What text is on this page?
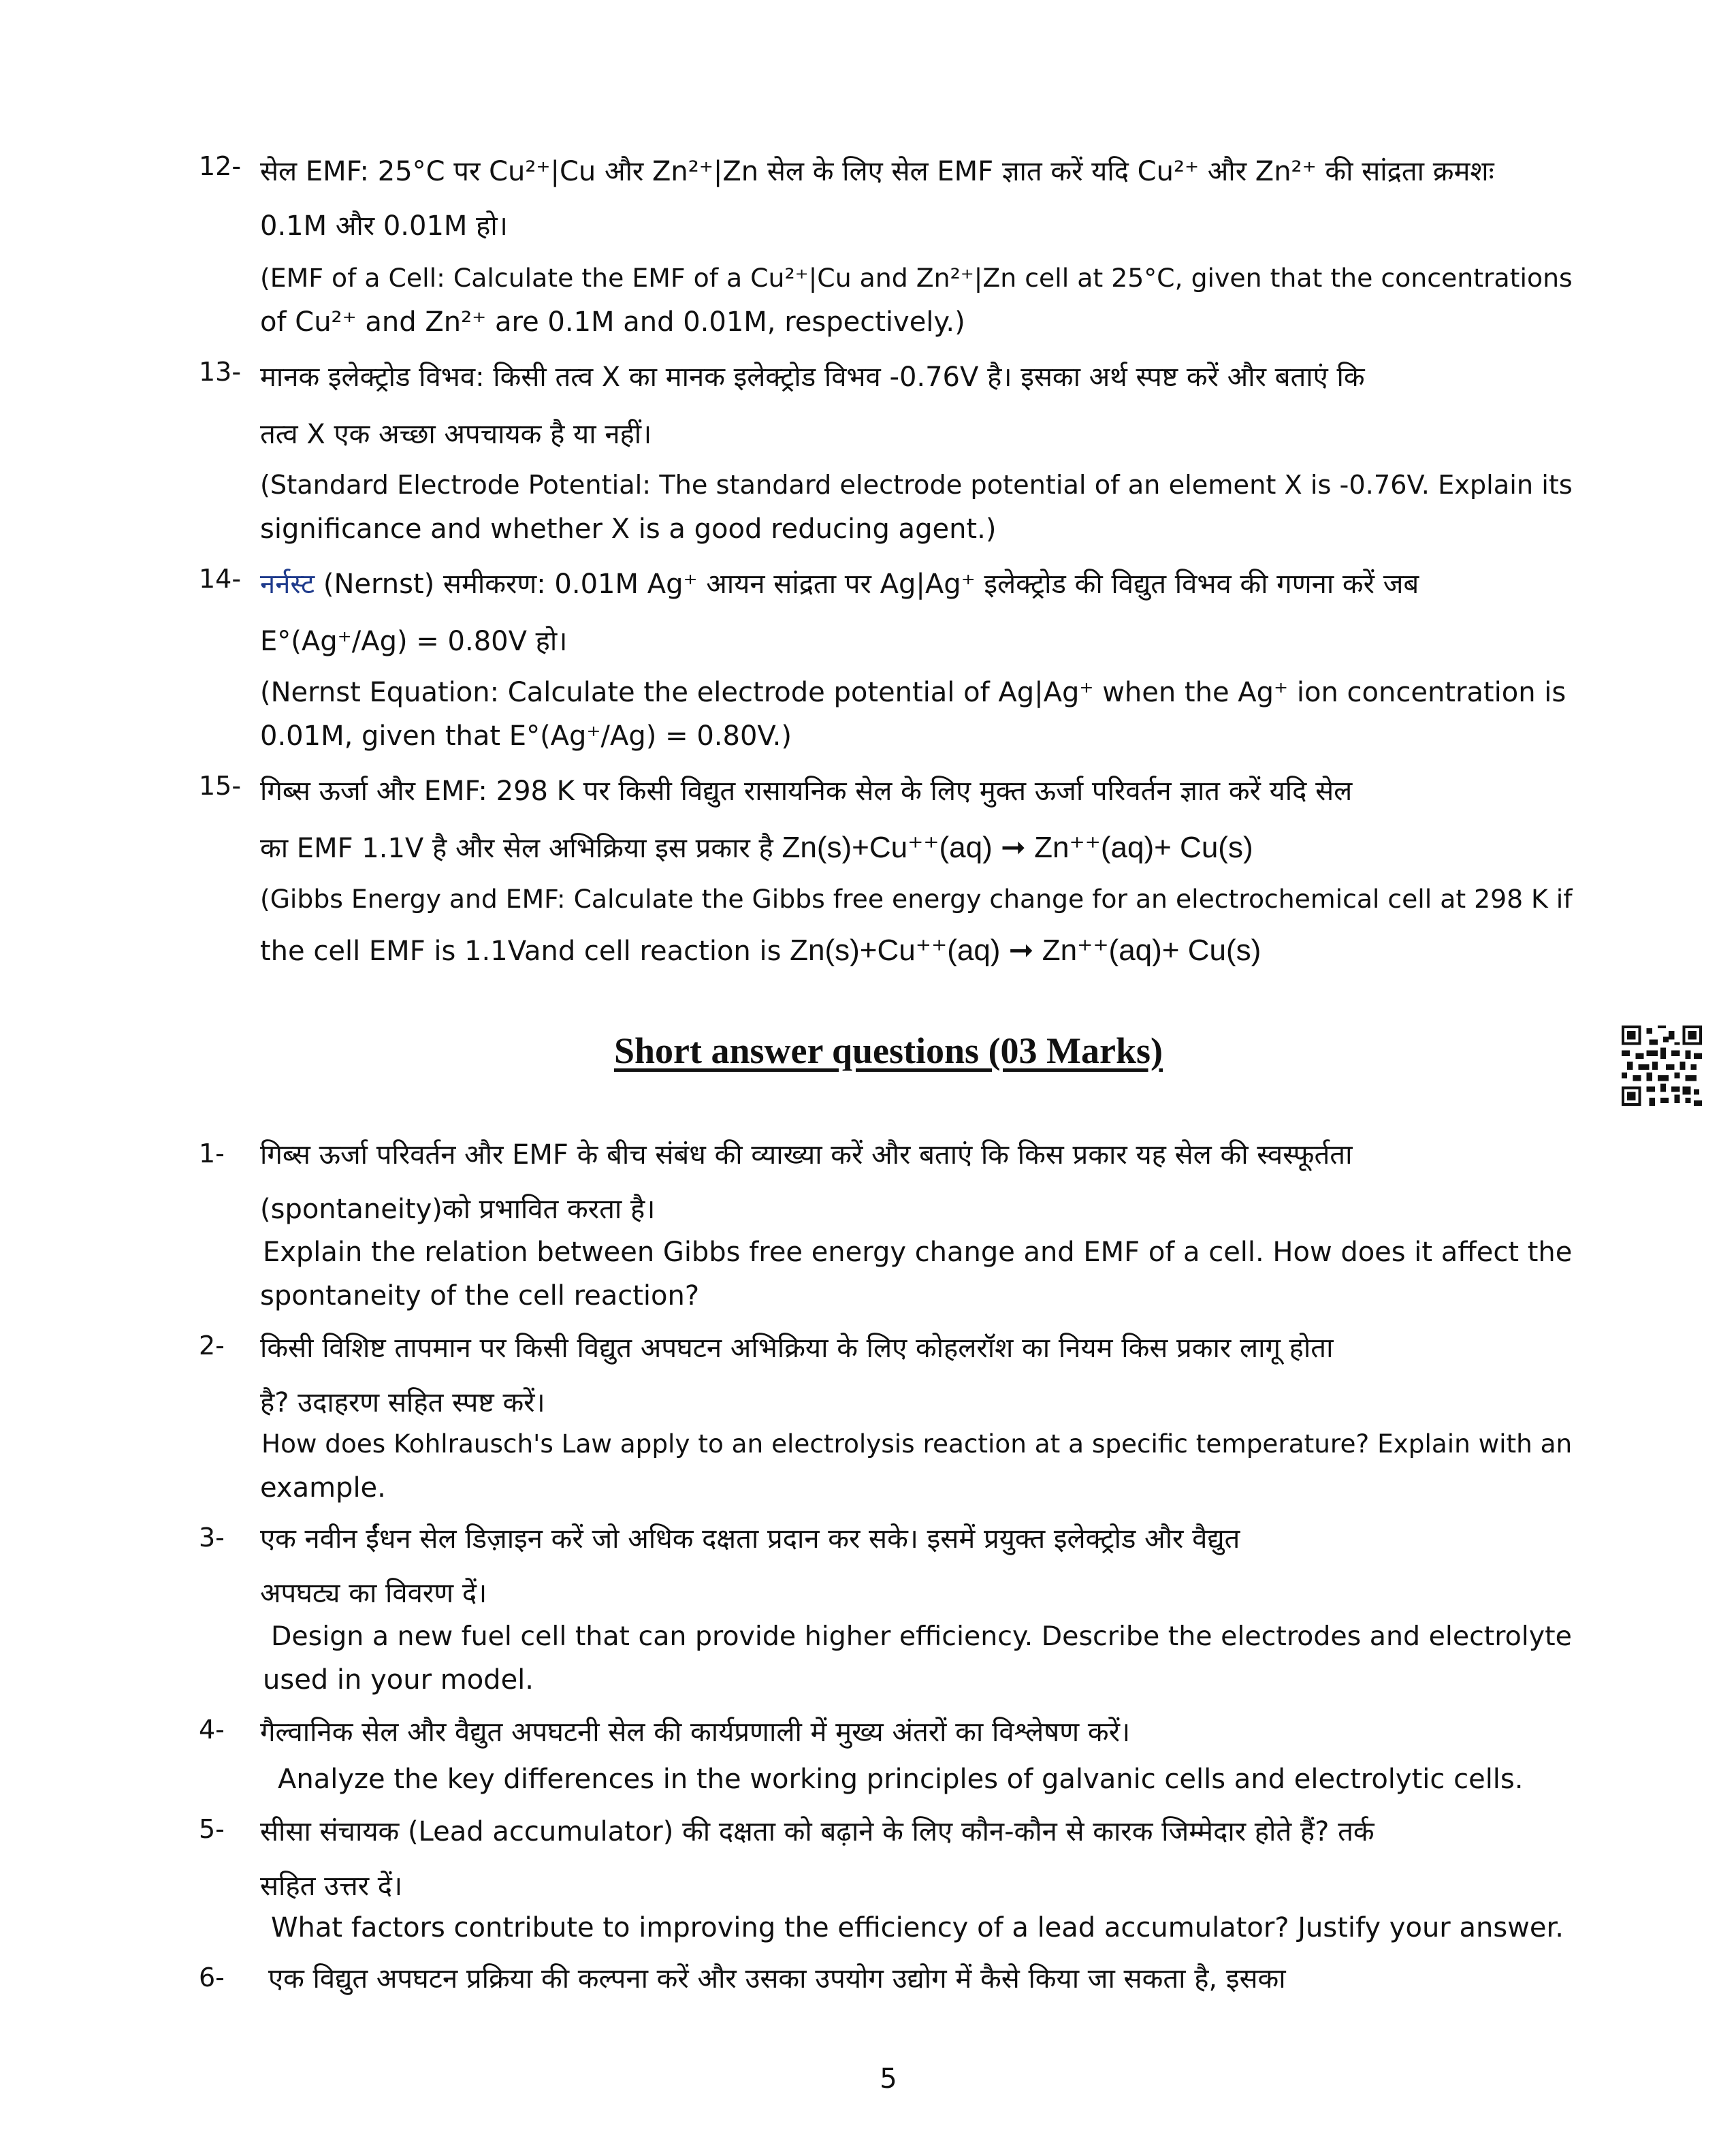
12- सेल EMF: 25°C पर Cu²⁺|Cu और Zn²⁺|Zn सेल के लिए सेल EMF ज्ञात करें यदि Cu²⁺ और Zn²⁺ की सांद्रता क्रमशः
0.1M और 0.01M हो।
(EMF of a Cell: Calculate the EMF of a Cu²⁺|Cu and Zn²⁺|Zn cell at 25°C, given that the concentrations
of Cu²⁺ and Zn²⁺ are 0.1M and 0.01M, respectively.)
13- मानक इलेक्ट्रोड विभव: किसी तत्व X का मानक इलेक्ट्रोड विभव -0.76V है। इसका अर्थ स्पष्ट करें और बताएं कि
तत्व X एक अच्छा अपचायक है या नहीं।
(Standard Electrode Potential: The standard electrode potential of an element X is -0.76V. Explain its
significance and whether X is a good reducing agent.)
14- नर्नस्ट (Nernst) समीकरण: 0.01M Ag⁺ आयन सांद्रता पर Ag|Ag⁺ इलेक्ट्रोड की विद्युत विभव की गणना करें जब
E°(Ag⁺/Ag) = 0.80V हो।
(Nernst Equation: Calculate the electrode potential of Ag|Ag⁺ when the Ag⁺ ion concentration is
0.01M, given that E°(Ag⁺/Ag) = 0.80V.)
15- गिब्स ऊर्जा और EMF: 298 K पर किसी विद्युत रासायनिक सेल के लिए मुक्त ऊर्जा परिवर्तन ज्ञात करें यदि सेल
का EMF 1.1V है और सेल अभिक्रिया इस प्रकार है Zn(s)+Cu⁺⁺(aq) ➞ Zn⁺⁺(aq)+ Cu(s)
(Gibbs Energy and EMF: Calculate the Gibbs free energy change for an electrochemical cell at 298 K if
the cell EMF is 1.1Vand cell reaction is Zn(s)+Cu⁺⁺(aq) ➞ Zn⁺⁺(aq)+ Cu(s)
Short answer questions (03 Marks)
1- गिब्स ऊर्जा परिवर्तन और EMF के बीच संबंध की व्याख्या करें और बताएं कि किस प्रकार यह सेल की स्वस्फूर्तता
(spontaneity)को प्रभावित करता है।
Explain the relation between Gibbs free energy change and EMF of a cell. How does it affect the
spontaneity of the cell reaction?
2- किसी विशिष्ट तापमान पर किसी विद्युत अपघटन अभिक्रिया के लिए कोहलरॉश का नियम किस प्रकार लागू होता
है? उदाहरण सहित स्पष्ट करें।
How does Kohlrausch's Law apply to an electrolysis reaction at a specific temperature? Explain with an
example.
3- एक नवीन ईंधन सेल डिज़ाइन करें जो अधिक दक्षता प्रदान कर सके। इसमें प्रयुक्त इलेक्ट्रोड और वैद्युत
अपघट्य का विवरण दें।
Design a new fuel cell that can provide higher efficiency. Describe the electrodes and electrolyte
used in your model.
4- गैल्वानिक सेल और वैद्युत अपघटनी सेल की कार्यप्रणाली में मुख्य अंतरों का विश्लेषण करें।
Analyze the key differences in the working principles of galvanic cells and electrolytic cells.
5- सीसा संचायक (Lead accumulator) की दक्षता को बढ़ाने के लिए कौन-कौन से कारक जिम्मेदार होते हैं? तर्क
सहित उत्तर दें।
What factors contribute to improving the efficiency of a lead accumulator? Justify your answer.
6- एक विद्युत अपघटन प्रक्रिया की कल्पना करें और उसका उपयोग उद्योग में कैसे किया जा सकता है, इसका
5
